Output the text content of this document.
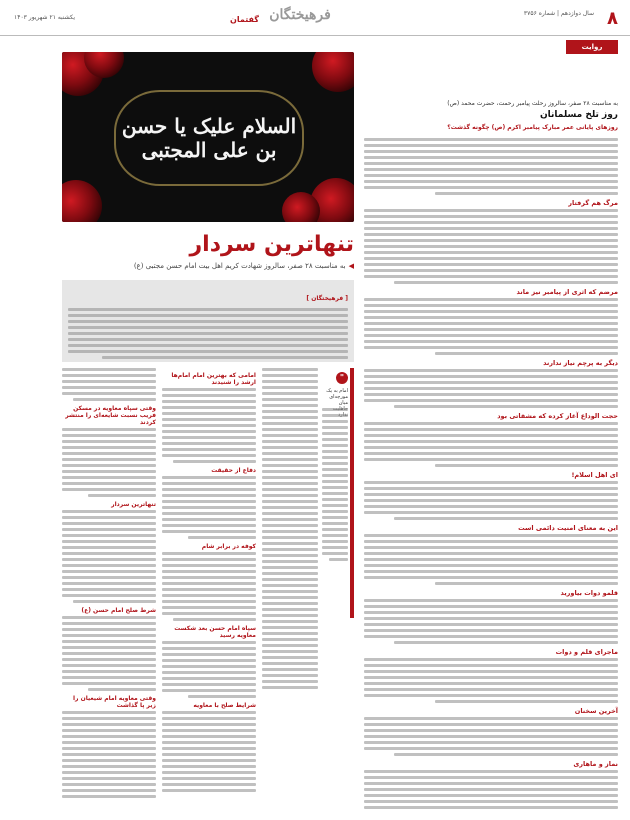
۸
سال دوازدهم | شماره ۳۷۵۶
فرهیختگان
گفتمان
یکشنبه ۲۱ شهریور ۱۴۰۳
السلام علیک یا حسن بن علی المجتبی
تنهاترین سردار
◀به مناسبت ۲۸ صفر، سالروز شهادت کریم اهل بیت امام حسن مجتبی (ع)
[ فرهیختگان ]
وقتی سپاه معاویه در مسکن فریب نسبت شایعه‌ای را منتشر کردند
تنهاترین سردار
شرط صلح امام حسن (ع)
وقتی معاویه امام شیعیان را زیر پا گذاشت
امامی که بهترین امام امام‌ها ارشد را شنیدند
دفاع از حقیقت
کوفه در برابر شام
سپاه امام حسن بعد شکست معاویه رسید
شرایط صلح با معاویه
"
امام به یک مورچه‌ای میان
روایت
به مناسبت ۲۸ صفر، سالروز رحلت پیامبر رحمت، حضرت محمد (ص)
روز تلخ مسلمانان
روزهای پایانی عمر مبارک پیامبر اکرم (ص) چگونه گذشت؟
مرگ هم گرفتار
مرضم که اثری از پیامبر نیز ماند
دیگر به پرچم نیاز ندارند
حجت الوداع آغاز کرده که مشقاتی بود
ای اهل اسلام!
این به معنای امنیت دائمی است
قلمو دوات بیاورید
ماجرای قلم و دوات
آخرین سخنان
نماز و ماهاری
